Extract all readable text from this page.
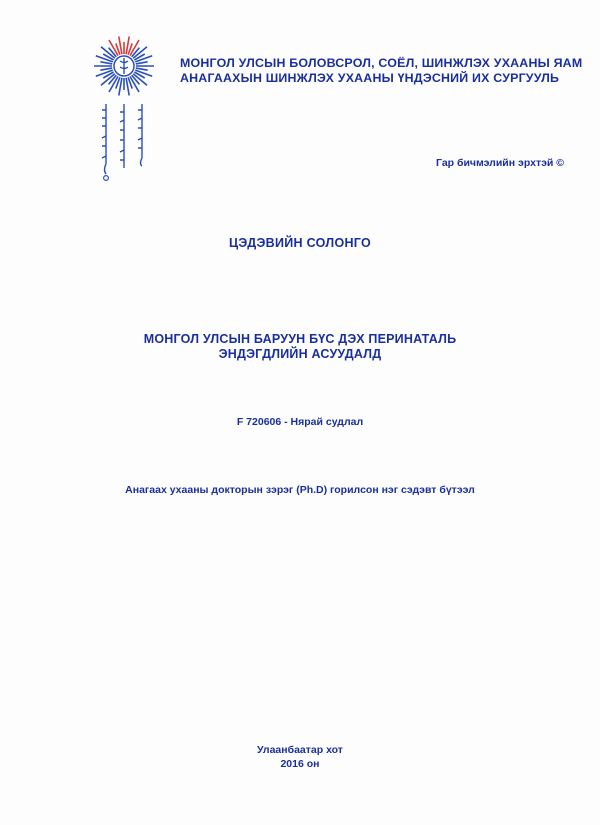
МОНГОЛ УЛСЫН БОЛОВСРОЛ, СОЁЛ, ШИНЖЛЭХ УХААНЫ ЯАМ
АНАГААХЫН ШИНЖЛЭХ УХААНЫ ҮНДЭСНИЙ ИХ СУРГУУЛЬ
Гар бичмэлийн эрхтэй ©
ЦЭДЭВИЙН СОЛОНГО
МОНГОЛ УЛСЫН БАРУУН БҮС ДЭХ ПЕРИНАТАЛЬ
ЭНДЭГДЛИЙН АСУУДАЛД
F 720606 - Нярай судлал
Анагаах ухааны докторын зэрэг (Ph.D) горилсон нэг сэдэвт бүтээл
Улаанбаатар хот
2016 он
